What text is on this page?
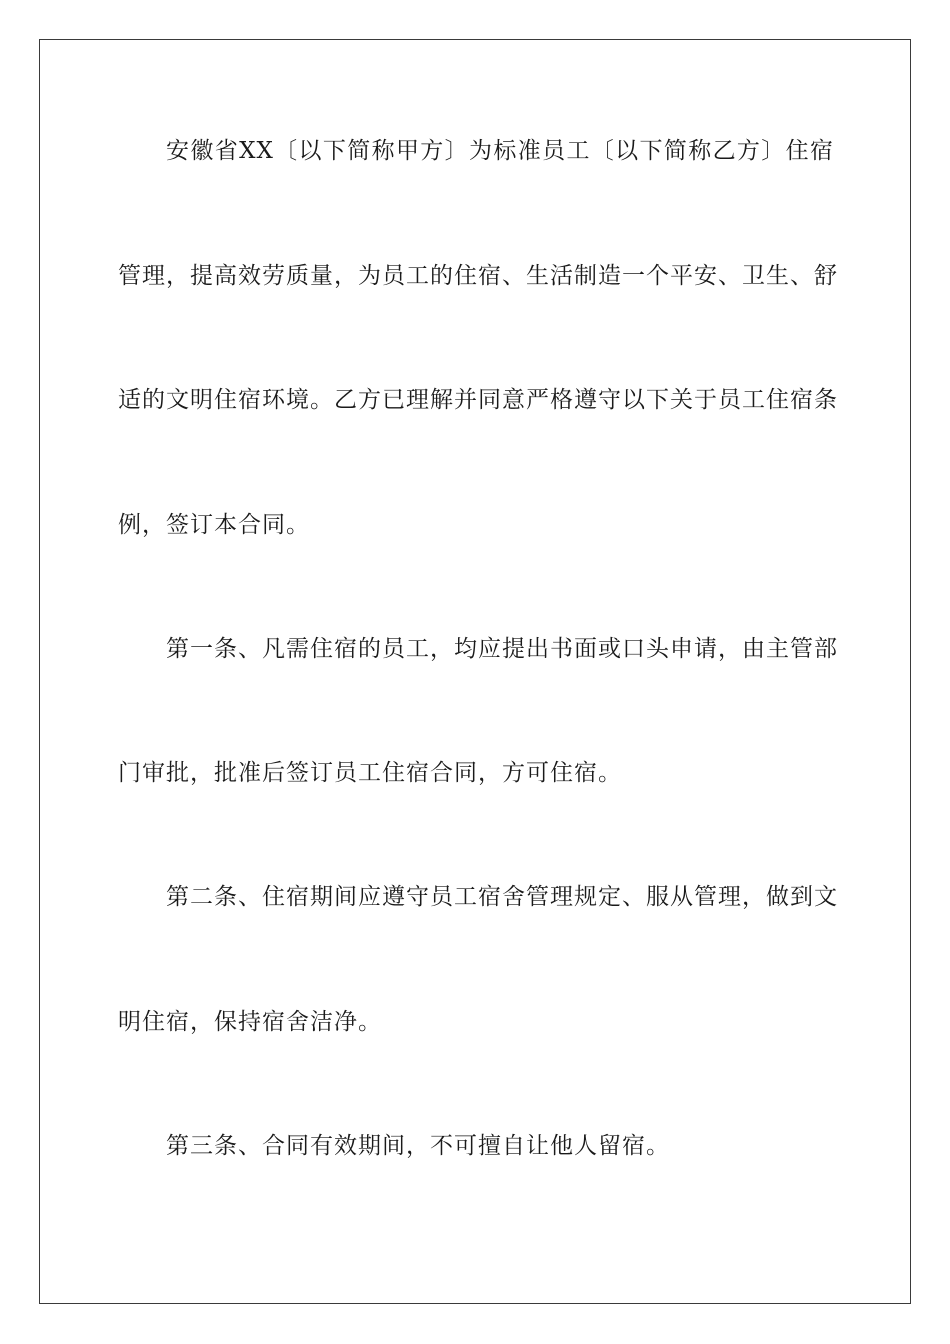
安徽省XX〔以下简称甲方〕为标准员工〔以下简称乙方〕住宿
管理，提高效劳质量，为员工的住宿、生活制造一个平安、卫生、舒
适的文明住宿环境。乙方已理解并同意严格遵守以下关于员工住宿条
例，签订本合同。
第一条、凡需住宿的员工，均应提出书面或口头申请，由主管部
门审批，批准后签订员工住宿合同，方可住宿。
第二条、住宿期间应遵守员工宿舍管理规定、服从管理，做到文
明住宿，保持宿舍洁净。
第三条、合同有效期间，不可擅自让他人留宿。
